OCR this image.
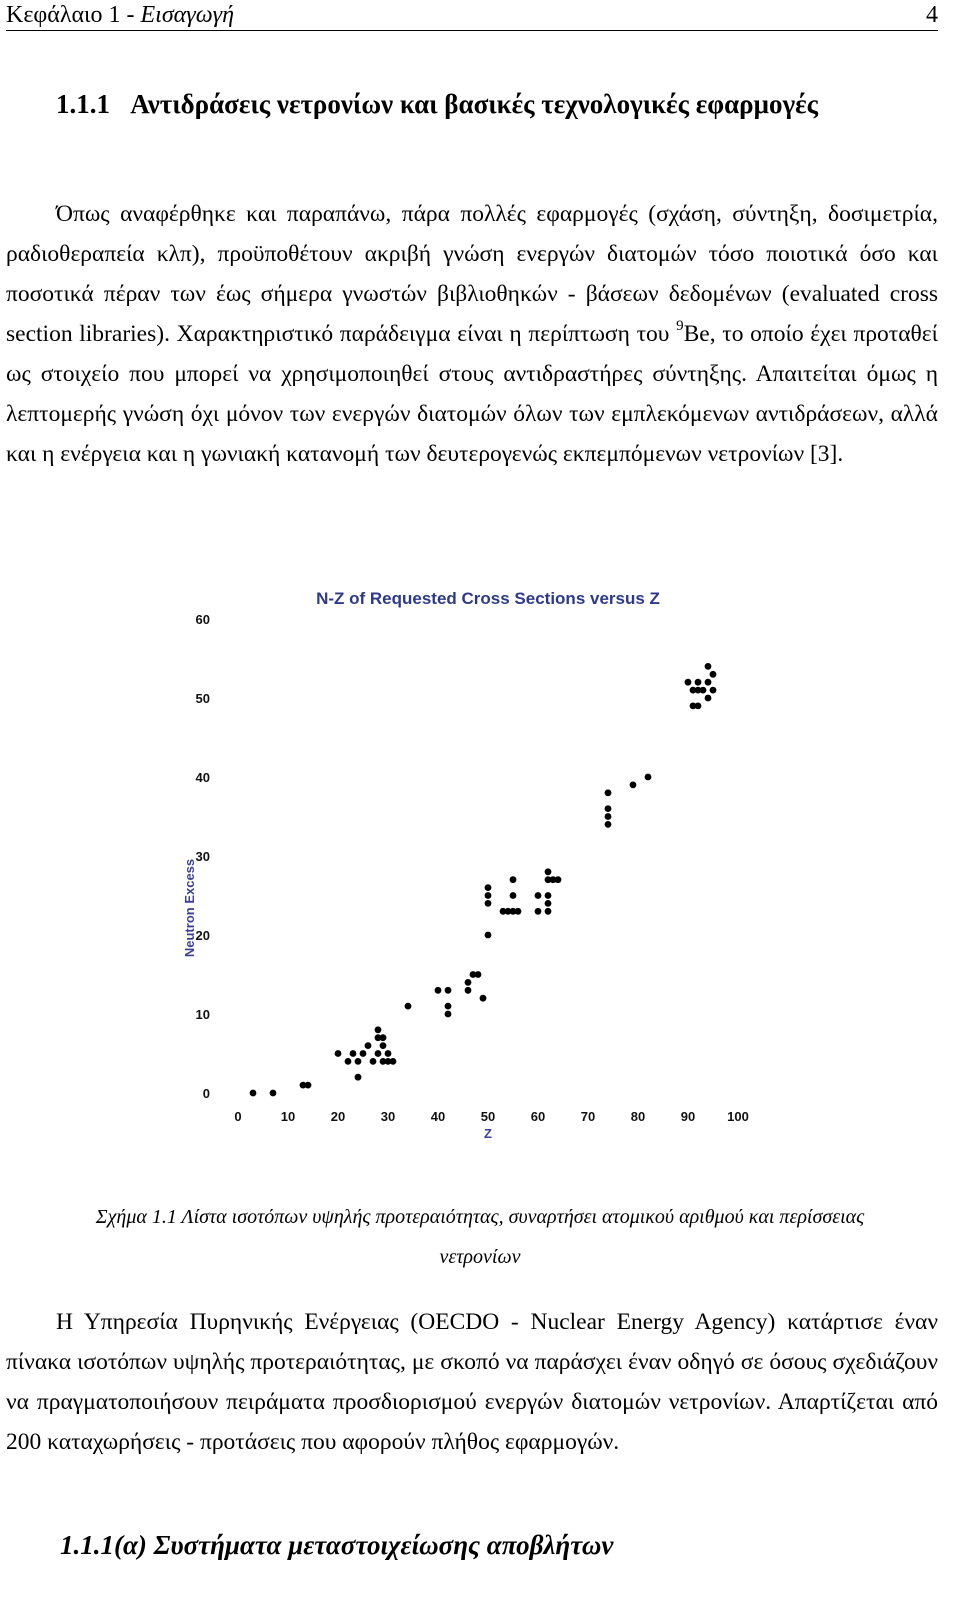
Κεφάλαιο 1 - Εισαγωγή	4
1.1.1 Αντιδράσεις νετρονίων και βασικές τεχνολογικές εφαρμογές
Όπως αναφέρθηκε και παραπάνω, πάρα πολλές εφαρμογές (σχάση, σύντηξη, δοσιμετρία, ραδιοθεραπεία κλπ), προϋποθέτουν ακριβή γνώση ενεργών διατομών τόσο ποιοτικά όσο και ποσοτικά πέραν των έως σήμερα γνωστών βιβλιοθηκών - βάσεων δεδομένων (evaluated cross section libraries). Χαρακτηριστικό παράδειγμα είναι η περίπτωση του $^9$Be, το οποίο έχει προταθεί ως στοιχείο που μπορεί να χρησιμοποιηθεί στους αντιδραστήρες σύντηξης. Απαιτείται όμως η λεπτομερής γνώση όχι μόνον των ενεργών διατομών όλων των εμπλεκόμενων αντιδράσεων, αλλά και η ενέργεια και η γωνιακή κατανομή των δευτερογενώς εκπεμπόμενων νετρονίων [3].
N-Z of Requested Cross Sections versus Z
0
10
20
30
40
50
60
0	10	20	30	40	50	60	70	80	90 100
Neutron Excess
Z
Σχήμα 1.1 Λίστα ισοτόπων υψηλής προτεραιότητας, συναρτήσει ατομικού αριθμού και περίσσειας νετρονίων
Η Υπηρεσία Πυρηνικής Ενέργειας (OECDO - Nuclear Energy Agency) κατάρτισε έναν πίνακα ισοτόπων υψηλής προτεραιότητας, με σκοπό να παράσχει έναν οδηγό σε όσους σχεδιάζουν να πραγματοποιήσουν πειράματα προσδιορισμού ενεργών διατομών νετρονίων. Απαρτίζεται από 200 καταχωρήσεις - προτάσεις που αφορούν πλήθος εφαρμογών.
1.1.1(α) Συστήματα μεταστοιχείωσης αποβλήτων
